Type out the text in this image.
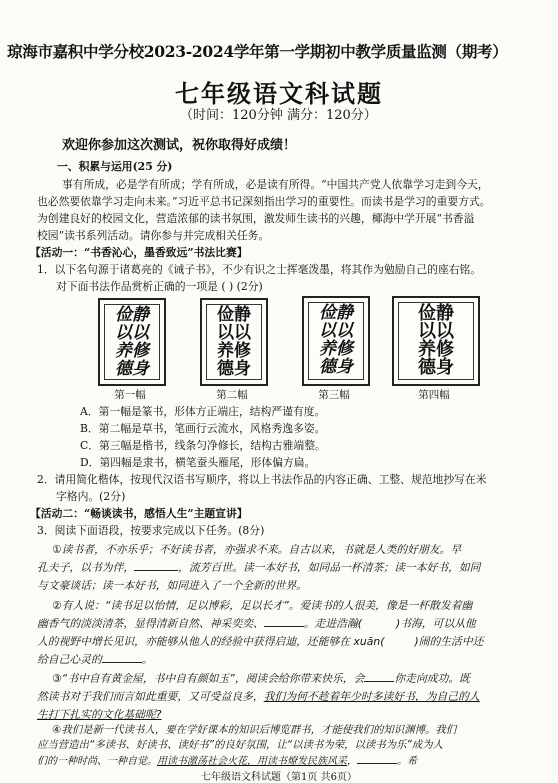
琼海市嘉积中学分校2023-2024学年第一学期初中教学质量监测（期考）
七年级语文科试题
（时间：120分钟 满分：120分）
欢迎你参加这次测试，祝你取得好成绩！
一、积累与运用(25 分)
事有所成，必是学有所成；学有所成，必是读有所得。“中国共产党人依靠学习走到今天，
也必然要依靠学习走向未来。”习近平总书记深刻指出学习的重要性。而读书是学习的重要方式。
为创建良好的校园文化，营造浓郁的读书氛围，激发师生读书的兴趣，椰海中学开展“书香溢
校园”读书系列活动。请你参与并完成相关任务。
【活动一：“书香沁心，墨香致远”书法比赛】
1．以下名句源于诸葛亮的《诫子书》，不少有识之士挥毫泼墨，将其作为勉励自己的座右铭。
对下面书法作品赏析正确的一项是 ( ) (2分)
俭静
以以
养修
德身
第一幅
俭静
以以
养修
德身
第二幅
俭静
以以
养修
德身
第三幅
俭静
以以
养修
德身
第四幅
A．第一幅是篆书，形体方正端庄，结构严谨有度。
B．第二幅是草书，笔画行云流水，风格秀逸多姿。
C．第三幅是楷书，线条匀净修长，结构古雅端整。
D．第四幅是隶书，横笔蚕头雁尾，形体偏方扁。
2．请用简化楷体，按现代汉语书写顺序，将以上书法作品的内容正确、工整、规范地抄写在米
字格内。(2分)
【活动二：“畅谈读书，感悟人生”主题宣讲】
3．阅读下面语段，按要求完成以下任务。(8分)
①读书者，不亦乐乎；不好读书者，亦强求不来。自古以来，书就是人类的好朋友。早
孔夫子，以书为伴，	，流芳百世。读一本好书，如同品一杯清茶；读一本好书，如同
与文豪谈话；读一本好书，如同进入了一个全新的世界。
②有人说：“读书足以怡情，足以博彩，足以长才”。爱读书的人很美，像是一杯散发着幽
幽香气的淡淡清茶，显得清新自然、神采奕奕、	。走进浩瀚(	)书海，可以从他
人的视野中增长见识，亦能够从他人的经验中获得启迪，还能够在 xuān(	)闹的生活中还
给自己心灵的	。
③“书中自有黄金屋，书中自有颜如玉”，阅读会给你带来快乐，会	你走向成功。既
然读书对于我们而言如此重要，又可受益良多，我们为何不趁着年少时多读好书，为自己的人
生打下扎实的文化基础呢?
④我们是新一代读书人，要在学好课本的知识后博览群书，才能使我们的知识渊博。我们
应当营造出“多读书、好读书、读好书”的良好氛围，让“以读书为荣，以读书为乐”成为人
们的一种时尚、一种自觉。用读书激荡社会火花，用读书燎发民族风采，	。希
七年级语文科试题（第1页 共6页）
